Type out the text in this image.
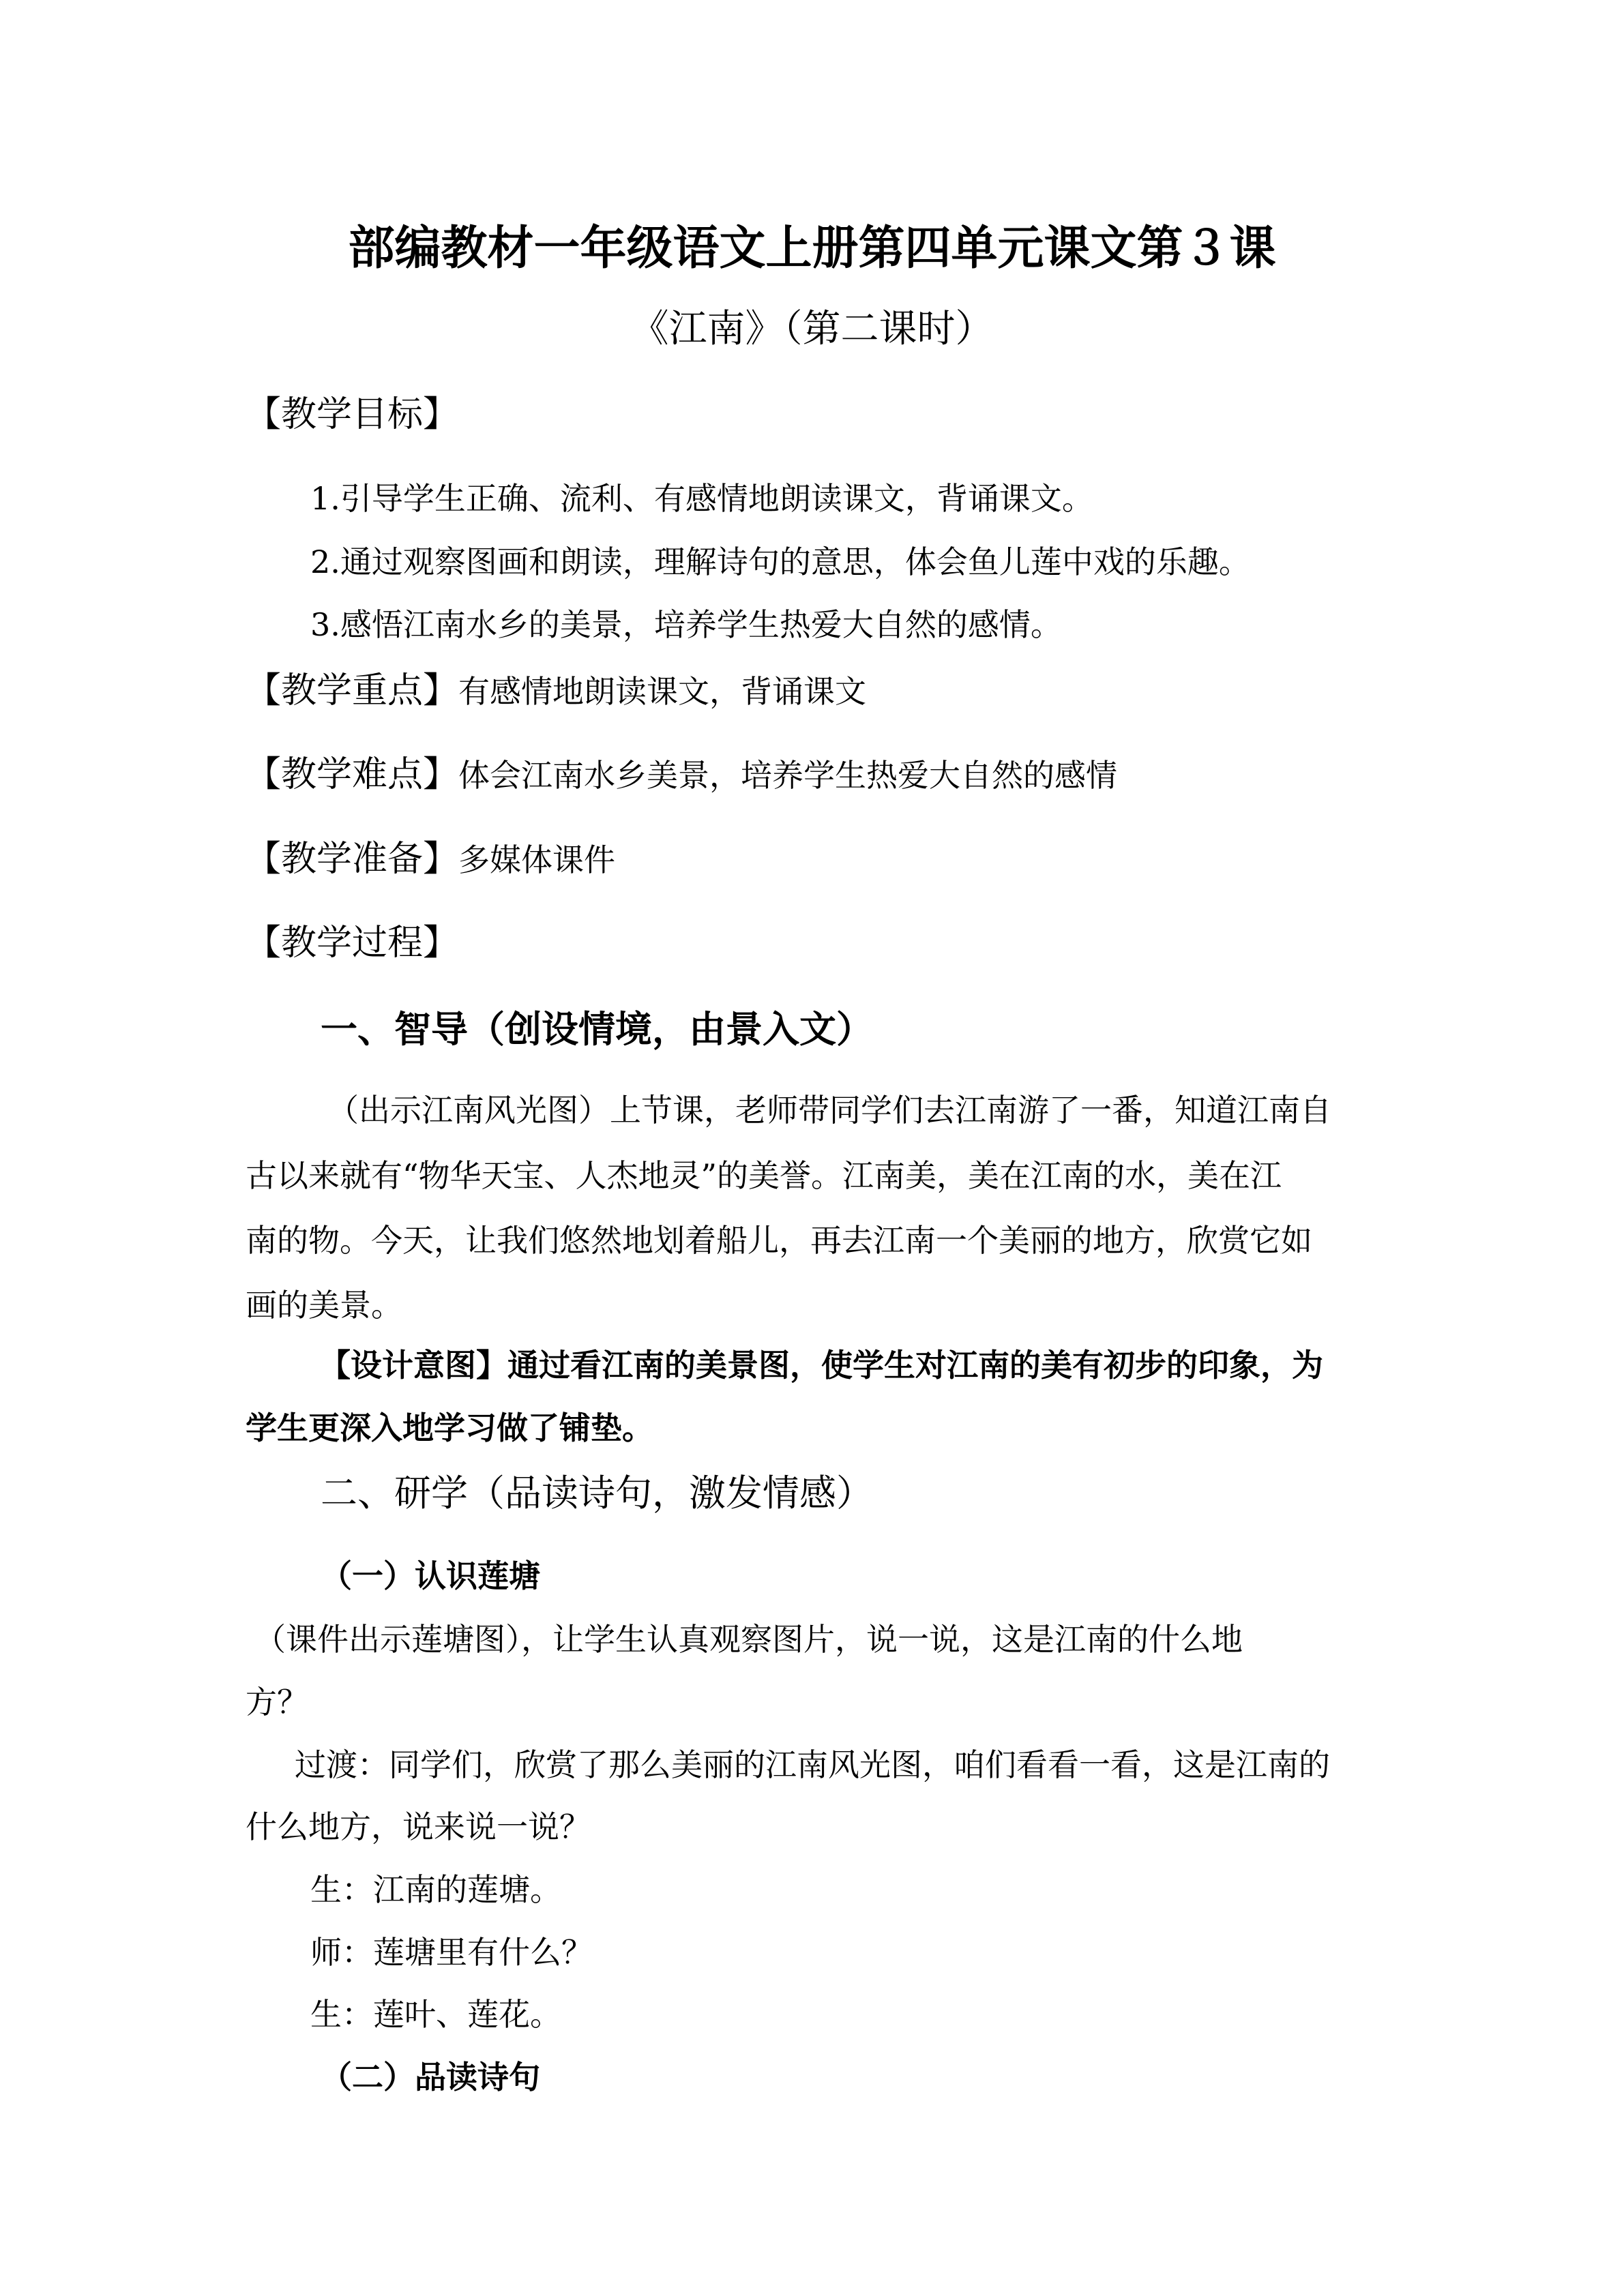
部编教材一年级语文上册第四单元课文第３课
《江南》（第二课时）
【教学目标】
1.引导学生正确、流利、有感情地朗读课文，背诵课文。
2.通过观察图画和朗读，理解诗句的意思，体会鱼儿莲中戏的乐趣。
3.感悟江南水乡的美景，培养学生热爱大自然的感情。
【教学重点】有感情地朗读课文，背诵课文
【教学难点】体会江南水乡美景，培养学生热爱大自然的感情
【教学准备】多媒体课件
【教学过程】
一、智导（创设情境，由景入文）
（出示江南风光图）上节课，老师带同学们去江南游了一番，知道江南自
古以来就有“物华天宝、人杰地灵”的美誉。江南美，美在江南的水，美在江
南的物。今天，让我们悠然地划着船儿，再去江南一个美丽的地方，欣赏它如
画的美景。
【设计意图】通过看江南的美景图，使学生对江南的美有初步的印象，为
学生更深入地学习做了铺垫。
二、研学（品读诗句，激发情感）
（一）认识莲塘
（课件出示莲塘图），让学生认真观察图片，说一说，这是江南的什么地
方？
过渡：同学们，欣赏了那么美丽的江南风光图，咱们看看一看，这是江南的
什么地方，说来说一说？
生：江南的莲塘。
师：莲塘里有什么？
生：莲叶、莲花。
（二）品读诗句
